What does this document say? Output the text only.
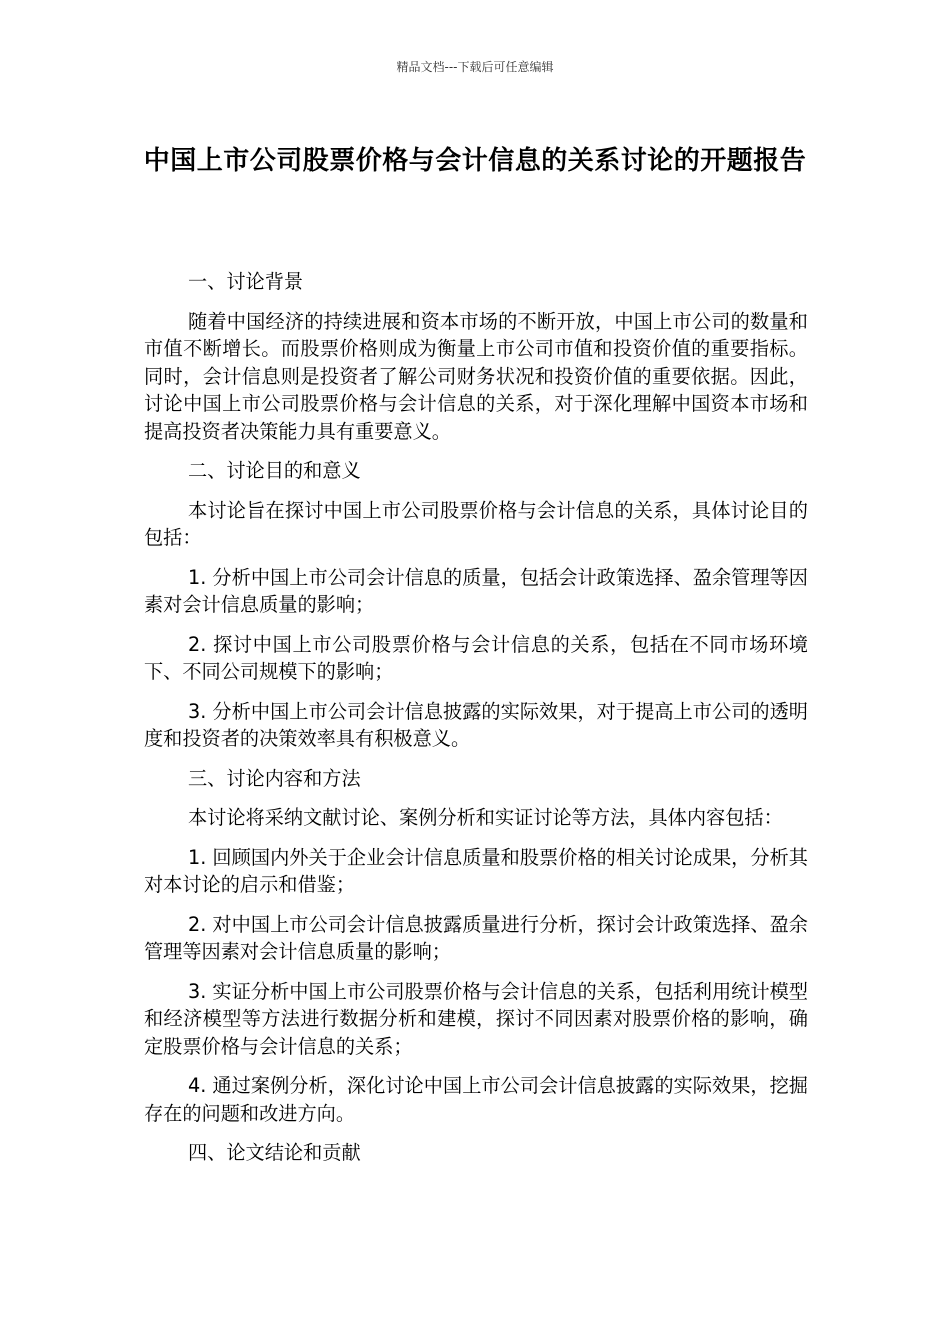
精品文档---下载后可任意编辑
中国上市公司股票价格与会计信息的关系讨论的开题报告
一、讨论背景

随着中国经济的持续进展和资本市场的不断开放，中国上市公司的数量和市值不断增长。而股票价格则成为衡量上市公司市值和投资价值的重要指标。同时，会计信息则是投资者了解公司财务状况和投资价值的重要依据。因此，讨论中国上市公司股票价格与会计信息的关系，对于深化理解中国资本市场和提高投资者决策能力具有重要意义。

二、讨论目的和意义

本讨论旨在探讨中国上市公司股票价格与会计信息的关系，具体讨论目的包括：

1. 分析中国上市公司会计信息的质量，包括会计政策选择、盈余管理等因素对会计信息质量的影响；

2. 探讨中国上市公司股票价格与会计信息的关系，包括在不同市场环境下、不同公司规模下的影响；

3. 分析中国上市公司会计信息披露的实际效果，对于提高上市公司的透明度和投资者的决策效率具有积极意义。

三、讨论内容和方法

本讨论将采纳文献讨论、案例分析和实证讨论等方法，具体内容包括：

1. 回顾国内外关于企业会计信息质量和股票价格的相关讨论成果，分析其对本讨论的启示和借鉴；

2. 对中国上市公司会计信息披露质量进行分析，探讨会计政策选择、盈余管理等因素对会计信息质量的影响；

3. 实证分析中国上市公司股票价格与会计信息的关系，包括利用统计模型和经济模型等方法进行数据分析和建模，探讨不同因素对股票价格的影响，确定股票价格与会计信息的关系；

4. 通过案例分析，深化讨论中国上市公司会计信息披露的实际效果，挖掘存在的问题和改进方向。

四、论文结论和贡献
